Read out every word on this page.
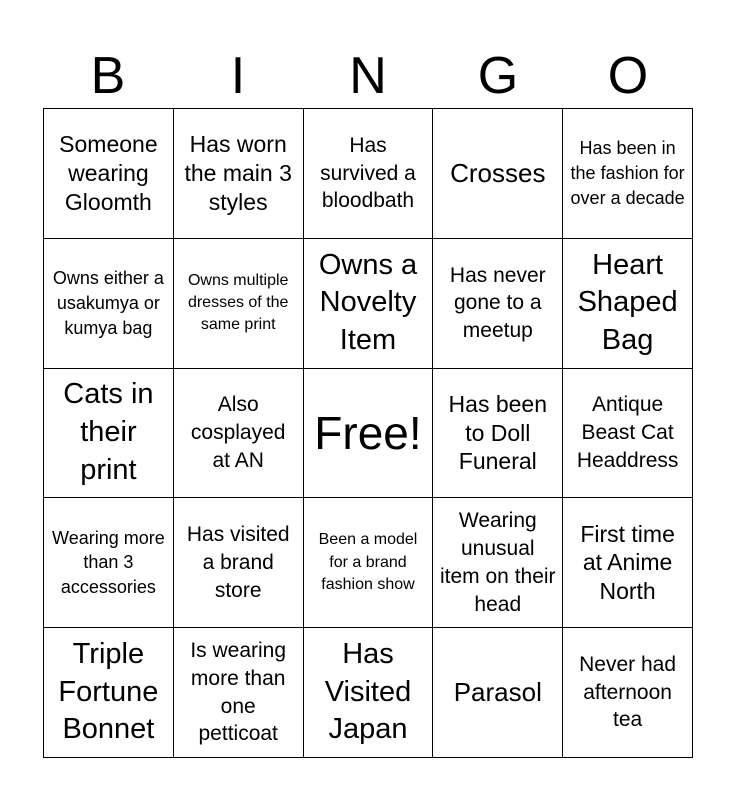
B	I	N	G	O
Someone wearing Gloomth
Has worn the main 3 styles
Has survived a bloodbath
Crosses
Has been in the fashion for over a decade
Owns either a usakumya or kumya bag
Owns multiple dresses of the same print
Owns a Novelty Item
Has never gone to a meetup
Heart Shaped Bag
Cats in their print
Also cosplayed at AN
Free!
Has been to Doll Funeral
Antique Beast Cat Headdress
Wearing more than 3 accessories
Has visited a brand store
Been a model for a brand fashion show
Wearing unusual item on their head
First time at Anime North
Triple Fortune Bonnet
Is wearing more than one petticoat
Has Visited Japan
Parasol
Never had afternoon tea
